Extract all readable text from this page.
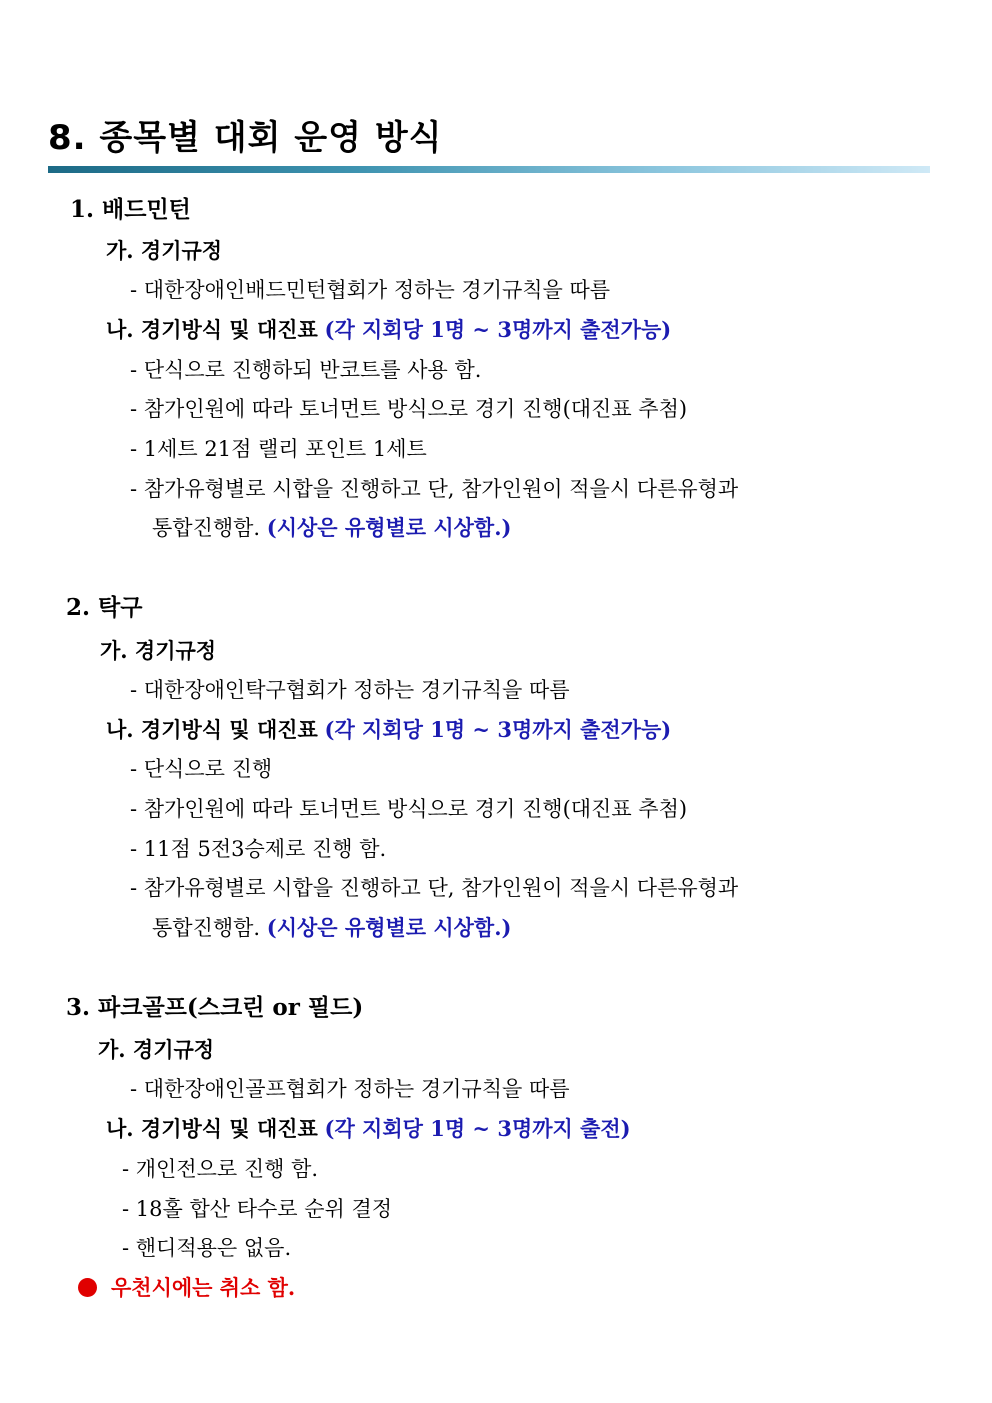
8. 종목별 대회 운영 방식
1. 배드민턴
가. 경기규정
- 대한장애인배드민턴협회가 정하는 경기규칙을 따름
나. 경기방식 및 대진표 (각 지회당 1명 ~ 3명까지 출전가능)
- 단식으로 진행하되 반코트를 사용 함.
- 참가인원에 따라 토너먼트 방식으로 경기 진행(대진표 추첨)
- 1세트 21점 랠리 포인트 1세트
- 참가유형별로 시합을 진행하고 단, 참가인원이 적을시 다른유형과
통합진행함. (시상은 유형별로 시상함.)
2. 탁구
가. 경기규정
- 대한장애인탁구협회가 정하는 경기규칙을 따름
나. 경기방식 및 대진표 (각 지회당 1명 ~ 3명까지 출전가능)
- 단식으로 진행
- 참가인원에 따라 토너먼트 방식으로 경기 진행(대진표 추첨)
- 11점 5전3승제로 진행 함.
- 참가유형별로 시합을 진행하고 단, 참가인원이 적을시 다른유형과
통합진행함. (시상은 유형별로 시상함.)
3. 파크골프(스크린 or 필드)
가. 경기규정
- 대한장애인골프협회가 정하는 경기규칙을 따름
나. 경기방식 및 대진표 (각 지회당 1명 ~ 3명까지 출전)
- 개인전으로 진행 함.
- 18홀 합산 타수로 순위 결정
- 핸디적용은 없음.
우천시에는 취소 함.
